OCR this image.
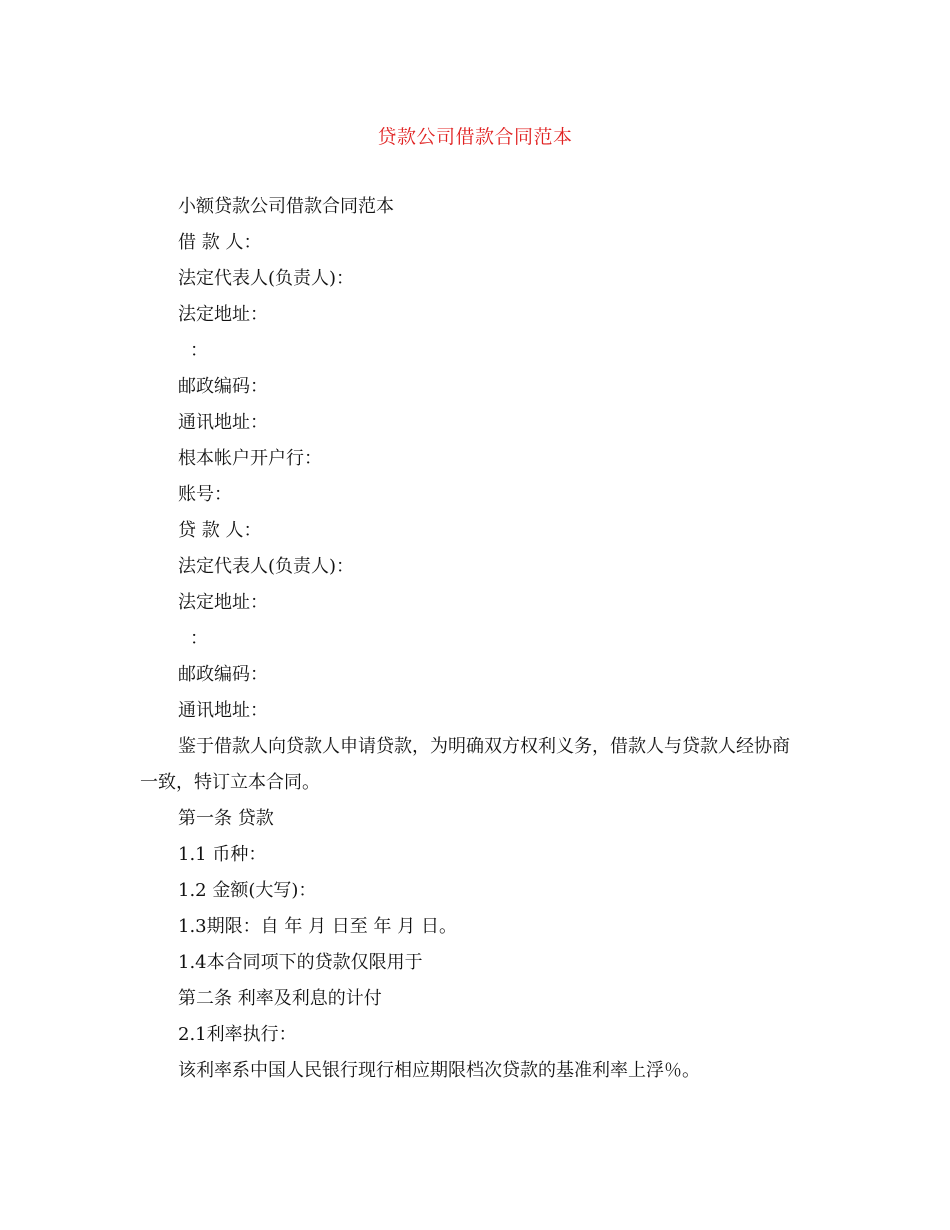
贷款公司借款合同范本
小额贷款公司借款合同范本
借 款 人：
法定代表人(负责人)：
法定地址：
：
邮政编码：
通讯地址：
根本帐户开户行：
账号：
贷 款 人：
法定代表人(负责人)：
法定地址：
：
邮政编码：
通讯地址：
鉴于借款人向贷款人申请贷款，为明确双方权利义务，借款人与贷款人经协商
一致，特订立本合同。
第一条 贷款
1.1 币种：
1.2 金额(大写)：
1.3期限：自 年 月 日至 年 月 日。
1.4本合同项下的贷款仅限用于
第二条 利率及利息的计付
2.1利率执行：
该利率系中国人民银行现行相应期限档次贷款的基准利率上浮％。
